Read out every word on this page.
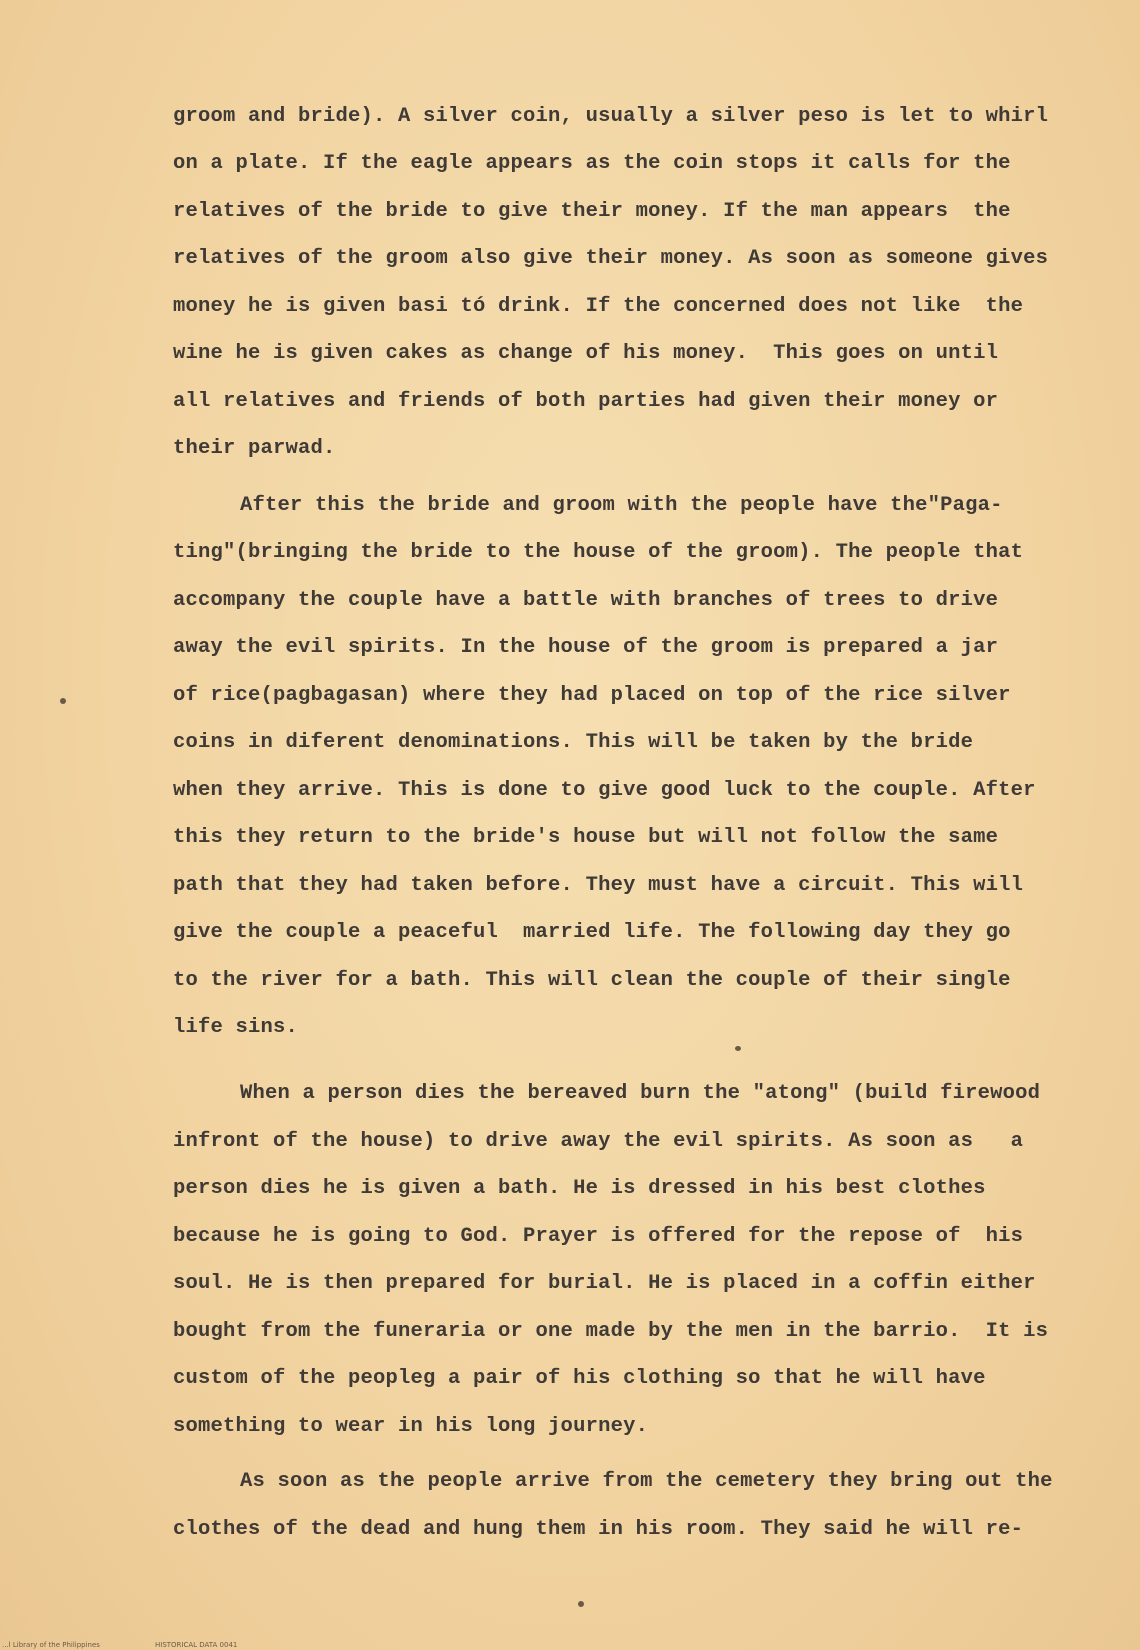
groom and bride). A silver coin, usually a silver peso is let to whirl

on a plate. If the eagle appears as the coin stops it calls for the

relatives of the bride to give their money. If the man appears  the

relatives of the groom also give their money. As soon as someone gives

money he is given basi tó drink. If the concerned does not like  the

wine he is given cakes as change of his money.  This goes on until

all relatives and friends of both parties had given their money or

their parwad.

After this the bride and groom with the people have the"Paga-

ting"(bringing the bride to the house of the groom). The people that

accompany the couple have a battle with branches of trees to drive

away the evil spirits. In the house of the groom is prepared a jar

of rice(pagbagasan) where they had placed on top of the rice silver

coins in diferent denominations. This will be taken by the bride

when they arrive. This is done to give good luck to the couple. After

this they return to the bride's house but will not follow the same

path that they had taken before. They must have a circuit. This will

give the couple a peaceful  married life. The following day they go

to the river for a bath. This will clean the couple of their single

life sins.

When a person dies the bereaved burn the "atong" (build firewood

infront of the house) to drive away the evil spirits. As soon as   a

person dies he is given a bath. He is dressed in his best clothes

because he is going to God. Prayer is offered for the repose of  his

soul. He is then prepared for burial. He is placed in a coffin either

bought from the funeraria or one made by the men in the barrio.  It is

custom of the peopleg a pair of his clothing so that he will have

something to wear in his long journey.

As soon as the people arrive from the cemetery they bring out the

clothes of the dead and hung them in his room. They said he will re-

...l Library of the Philippines

	HISTORICAL DATA 0041
